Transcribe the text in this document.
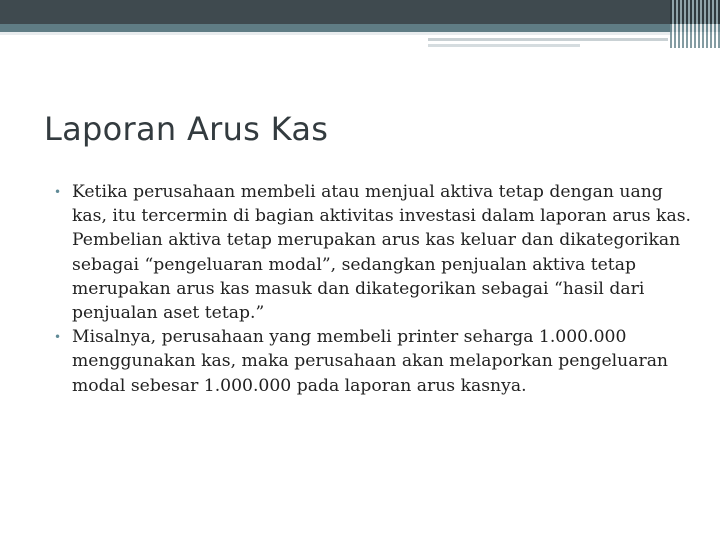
Laporan Arus Kas
• Ketika perusahaan membeli atau menjual aktiva tetap dengan uang kas, itu tercermin di bagian aktivitas investasi dalam laporan arus kas. Pembelian aktiva tetap merupakan arus kas keluar dan dikategorikan sebagai “pengeluaran modal”, sedangkan penjualan aktiva tetap merupakan arus kas masuk dan dikategorikan sebagai “hasil dari penjualan aset tetap.”
• Misalnya, perusahaan yang membeli printer seharga 1.000.000 menggunakan kas, maka perusahaan akan melaporkan pengeluaran modal sebesar 1.000.000 pada laporan arus kasnya.
